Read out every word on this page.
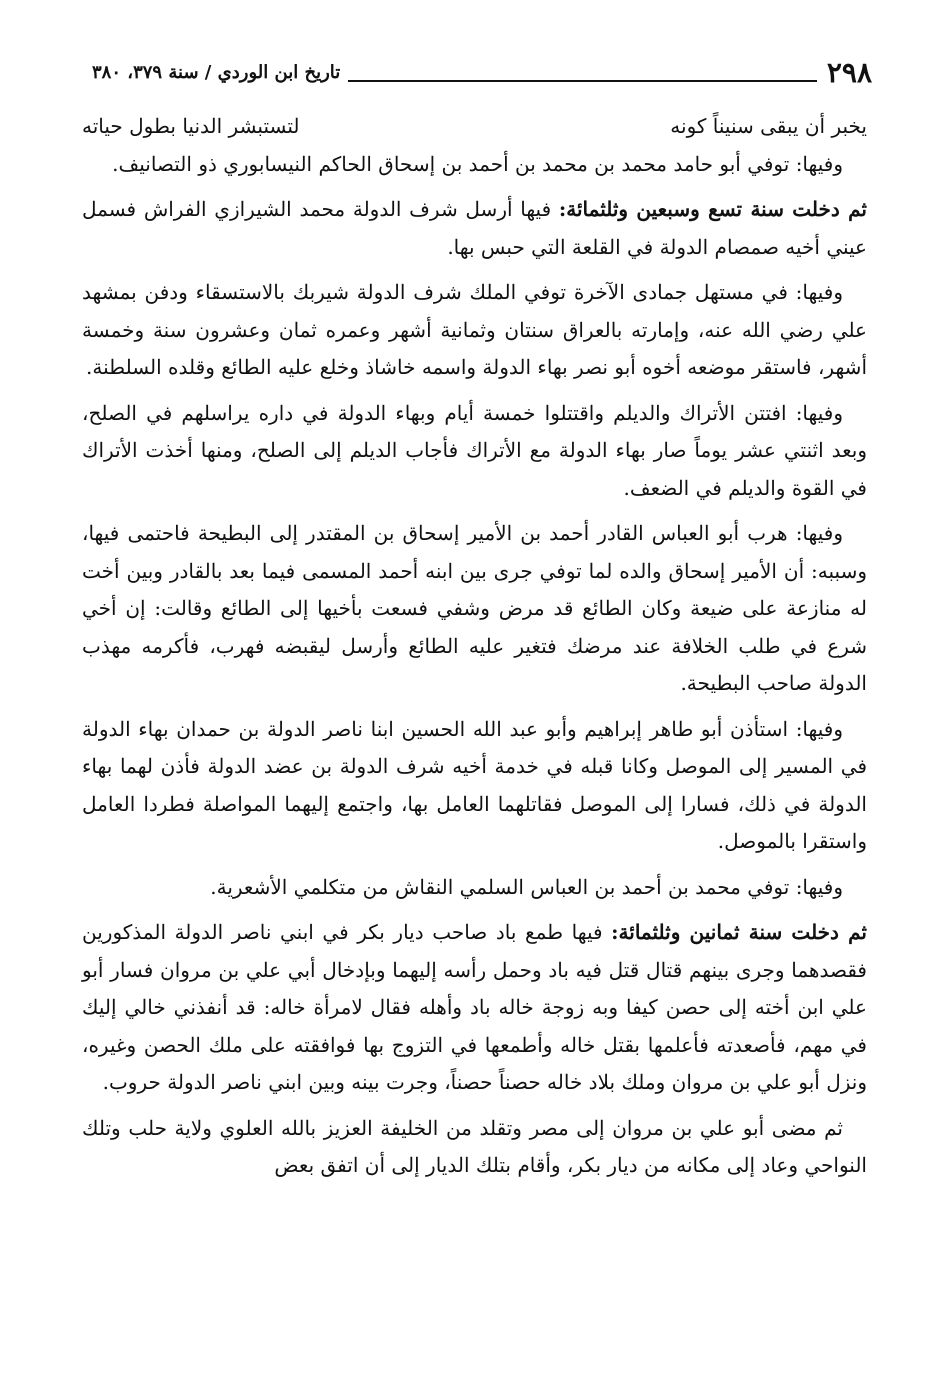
٢٩٨
تاريخ ابن الوردي / سنة ٣٧٩، ٣٨٠
يخبر أن يبقى سنيناً كونه
لتستبشر الدنيا بطول حياته

وفيها: توفي أبو حامد محمد بن محمد بن أحمد بن إسحاق الحاكم النيسابوري ذو التصانيف.

ثم دخلت سنة تسع وسبعين وثلثمائة: فيها أرسل شرف الدولة محمد الشيرازي الفراش فسمل عيني أخيه صمصام الدولة في القلعة التي حبس بها.

وفيها: في مستهل جمادى الآخرة توفي الملك شرف الدولة شيربك بالاستسقاء ودفن بمشهد علي رضي الله عنه، وإمارته بالعراق سنتان وثمانية أشهر وعمره ثمان وعشرون سنة وخمسة أشهر، فاستقر موضعه أخوه أبو نصر بهاء الدولة واسمه خاشاذ وخلع عليه الطائع وقلده السلطنة.

وفيها: افتتن الأتراك والديلم واقتتلوا خمسة أيام وبهاء الدولة في داره يراسلهم في الصلح، وبعد اثنتي عشر يوماً صار بهاء الدولة مع الأتراك فأجاب الديلم إلى الصلح، ومنها أخذت الأتراك في القوة والديلم في الضعف.

وفيها: هرب أبو العباس القادر أحمد بن الأمير إسحاق بن المقتدر إلى البطيحة فاحتمى فيها، وسببه: أن الأمير إسحاق والده لما توفي جرى بين ابنه أحمد المسمى فيما بعد بالقادر وبين أخت له منازعة على ضيعة وكان الطائع قد مرض وشفي فسعت بأخيها إلى الطائع وقالت: إن أخي شرع في طلب الخلافة عند مرضك فتغير عليه الطائع وأرسل ليقبضه فهرب، فأكرمه مهذب الدولة صاحب البطيحة.

وفيها: استأذن أبو طاهر إبراهيم وأبو عبد الله الحسين ابنا ناصر الدولة بن حمدان بهاء الدولة في المسير إلى الموصل وكانا قبله في خدمة أخيه شرف الدولة بن عضد الدولة فأذن لهما بهاء الدولة في ذلك، فسارا إلى الموصل فقاتلهما العامل بها، واجتمع إليهما المواصلة فطردا العامل واستقرا بالموصل.

وفيها: توفي محمد بن أحمد بن العباس السلمي النقاش من متكلمي الأشعرية.

ثم دخلت سنة ثمانين وثلثمائة: فيها طمع باد صاحب ديار بكر في ابني ناصر الدولة المذكورين فقصدهما وجرى بينهم قتال قتل فيه باد وحمل رأسه إليهما وبإدخال أبي علي بن مروان فسار أبو علي ابن أخته إلى حصن كيفا وبه زوجة خاله باد وأهله فقال لامرأة خاله: قد أنفذني خالي إليك في مهم، فأصعدته فأعلمها بقتل خاله وأطمعها في التزوج بها فوافقته على ملك الحصن وغيره، ونزل أبو علي بن مروان وملك بلاد خاله حصناً حصناً، وجرت بينه وبين ابني ناصر الدولة حروب.

ثم مضى أبو علي بن مروان إلى مصر وتقلد من الخليفة العزيز بالله العلوي ولاية حلب وتلك النواحي وعاد إلى مكانه من ديار بكر، وأقام بتلك الديار إلى أن اتفق بعض
